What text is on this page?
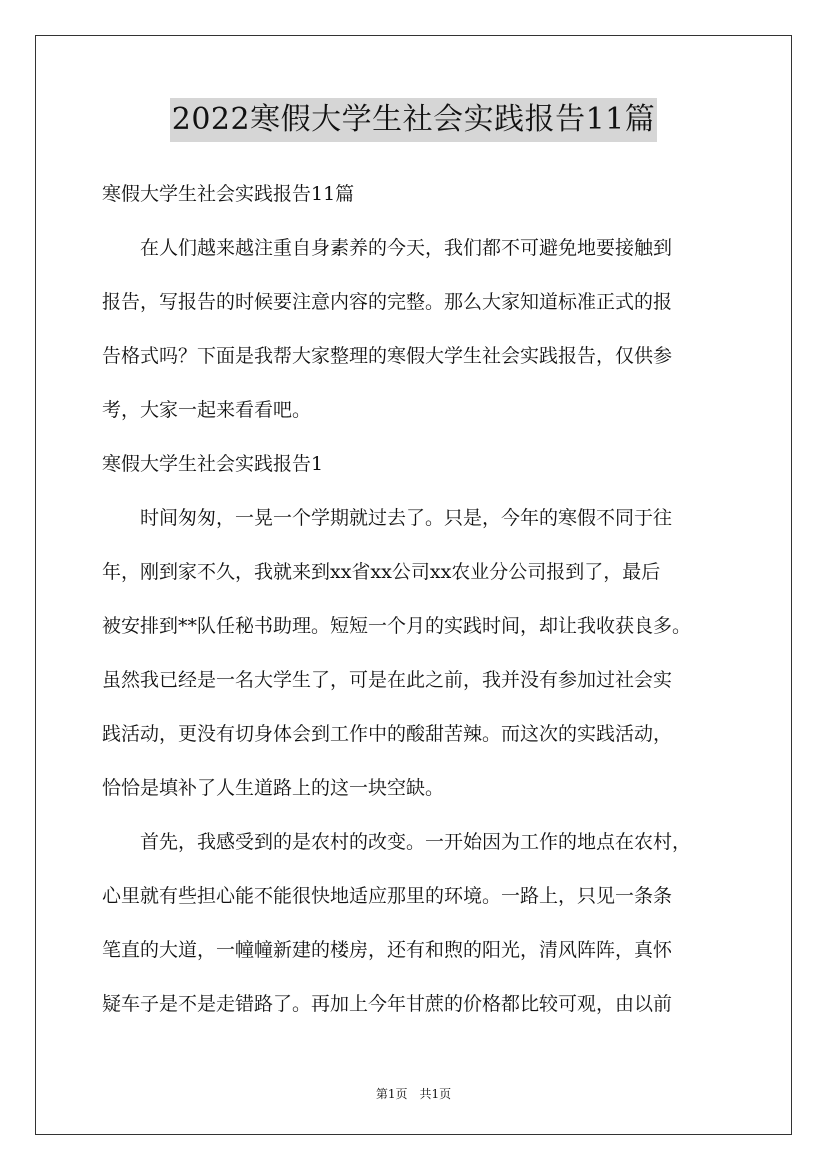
2022寒假大学生社会实践报告11篇
寒假大学生社会实践报告11篇
　　在人们越来越注重自身素养的今天，我们都不可避免地要接触到
报告，写报告的时候要注意内容的完整。那么大家知道标准正式的报
告格式吗？下面是我帮大家整理的寒假大学生社会实践报告，仅供参
考，大家一起来看看吧。
寒假大学生社会实践报告1
　　时间匆匆，一晃一个学期就过去了。只是，今年的寒假不同于往
年，刚到家不久，我就来到xx省xx公司xx农业分公司报到了，最后
被安排到**队任秘书助理。短短一个月的实践时间，却让我收获良多。
虽然我已经是一名大学生了，可是在此之前，我并没有参加过社会实
践活动，更没有切身体会到工作中的酸甜苦辣。而这次的实践活动，
恰恰是填补了人生道路上的这一块空缺。
　　首先，我感受到的是农村的改变。一开始因为工作的地点在农村，
心里就有些担心能不能很快地适应那里的环境。一路上，只见一条条
笔直的大道，一幢幢新建的楼房，还有和煦的阳光，清风阵阵，真怀
疑车子是不是走错路了。再加上今年甘蔗的价格都比较可观，由以前
第1页　共1页
